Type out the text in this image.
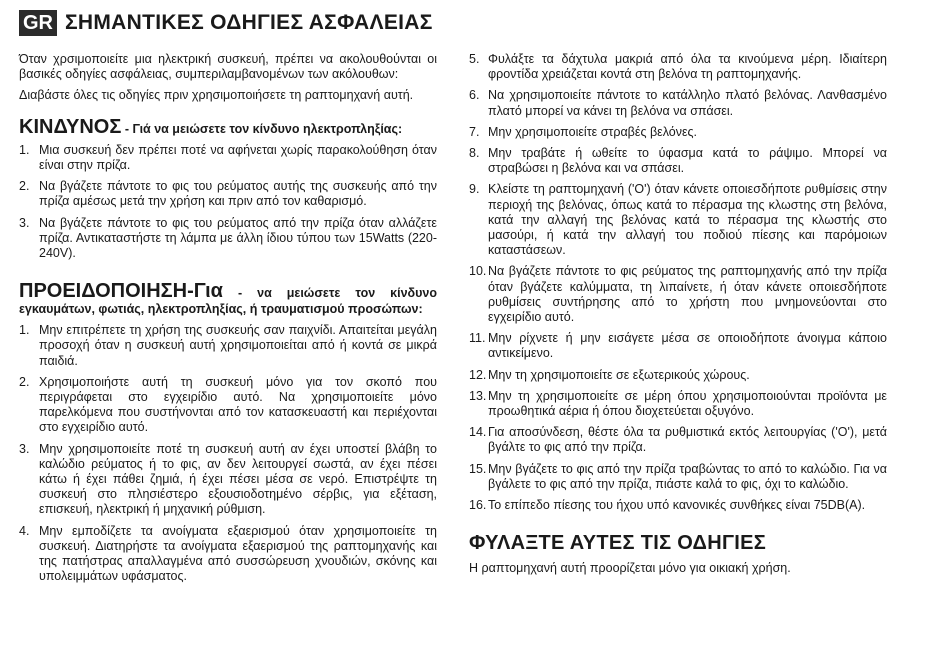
GR ΣΗΜΑΝΤΙΚΕΣ ΟΔΗΓΙΕΣ ΑΣΦΑΛΕΙΑΣ

Όταν χρσιμοποιείτε μια ηλεκτρική συσκευή, πρέπει να ακολουθούνται οι βασικές οδηγίες ασφάλειας, συμπεριλαμβανομένων των ακόλουθων:

Διαβάστε όλες τις οδηγίες πριν χρησιμοποιήσετε τη ραπτομηχανή αυτή.

ΚΙΝΔΥΝΟΣ - Γιά να μειώσετε τον κίνδυνο ηλεκτροπληξίας:
1. Μια συσκευή δεν πρέπει ποτέ να αφήνεται χωρίς παρακολούθηση όταν είναι στην πρίζα.
2. Να βγάζετε πάντοτε το φις του ρεύματος αυτής της συσκευής από την πρίζα αμέσως μετά την χρήση και πριν από τον καθαρισμό.
3. Να βγάζετε πάντοτε το φις του ρεύματος από την πρίζα όταν αλλάζετε πρίζα. Αντικαταστήστε τη λάμπα με άλλη ίδιου τύπου των 15Watts (220-240V).
ΠΡΟΕΙΔΟΠΟΙΗΣΗ-Για - να μειώσετε τον κίνδυνο εγκαυμάτων, φωτιάς, ηλεκτροπληξίας, ή τραυματισμού προσώπων:
1. Μην επιτρέπετε τη χρήση της συσκευής σαν παιχνίδι. Απαιτείται μεγάλη προσοχή όταν η συσκευή αυτή χρησιμοποιείται από ή κοντά σε μικρά παιδιά.
2. Χρησιμοποιήστε αυτή τη συσκευή μόνο για τον σκοπό που περιγράφεται στο εγχειρίδιο αυτό. Να χρησιμοποιείτε μόνο παρελκόμενα που συστήνονται από τον κατασκευαστή και περιέχονται στο εγχειρίδιο αυτό.
3. Μην χρησιμοποιείτε ποτέ τη συσκευή αυτή αν έχει υποστεί βλάβη το καλώδιο ρεύματος ή το φις, αν δεν λειτουργεί σωστά, αν έχει πέσει κάτω ή έχει πάθει ζημιά, ή έχει πέσει μέσα σε νερό. Επιστρέψτε τη συσκευή στο πλησιέστερο εξουσιοδοτημένο σέρβις, για εξέταση, επισκευή, ηλεκτρική ή μηχανική ρύθμιση.
4. Μην εμποδίζετε τα ανοίγματα εξαερισμού όταν χρησιμοποιείτε τη συσκευή. Διατηρήστε τα ανοίγματα εξαερισμού της ραπτομηχανής και της πατήστρας απαλλαγμένα από συσσώρευση χνουδιών, σκόνης και υπολειμμάτων υφάσματος.
5. Φυλάξτε τα δάχτυλα μακριά από όλα τα κινούμενα μέρη. Ιδιαίτερη φροντίδα χρειάζεται κοντά στη βελόνα τη ραπτομηχανής.
6. Να χρησιμοποιείτε πάντοτε το κατάλληλο πλατό βελόνας. Λανθασμένο πλατό μπορεί να κάνει τη βελόνα να σπάσει.
7. Μην χρησιμοποιείτε στραβές βελόνες.
8. Μην τραβάτε ή ωθείτε το ύφασμα κατά το ράψιμο. Μπορεί να στραβώσει η βελόνα και να σπάσει.
9. Κλείστε τη ραπτομηχανή ('Ο') όταν κάνετε οποιεσδήποτε ρυθμίσεις στην περιοχή της βελόνας, όπως κατά το πέρασμα της κλωστης στη βελόνα, κατά την αλλαγή της βελόνας κατά το πέρασμα της κλωστής στο μασούρι, ή κατά την αλλαγή του ποδιού πίεσης και παρόμοιων καταστάσεων.
10. Να βγάζετε πάντοτε το φις ρεύματος της ραπτομηχανής από την πρίζα όταν βγάζετε καλύμματα, τη λιπαίνετε, ή όταν κάνετε οποιεσδήποτε ρυθμίσεις συντήρησης από το χρήστη που μνημονεύονται στο εγχειρίδιο αυτό.
11. Μην ρίχνετε ή μην εισάγετε μέσα σε οποιοδήποτε άνοιγμα κάποιο αντικείμενο.
12. Μην τη χρησιμοποιείτε σε εξωτερικούς χώρους.
13. Μην τη χρησιμοποιείτε σε μέρη όπου χρησιμοποιούνται προϊόντα με προωθητικά αέρια ή όπου διοχετεύεται οξυγόνο.
14. Για αποσύνδεση, θέστε όλα τα ρυθμιστικά εκτός λειτουργίας ('Ο'), μετά βγάλτε το φις από την πρίζα.
15. Μην βγάζετε το φις από την πρίζα τραβώντας το από το καλώδιο. Για να βγάλετε το φις από την πρίζα, πιάστε καλά το φις, όχι το καλώδιο.
16. Το επίπεδο πίεσης του ήχου υπό κανονικές συνθήκες είναι 75DB(A).
ΦΥΛΑΞΤΕ ΑΥΤΕΣ ΤΙΣ ΟΔΗΓΙΕΣ

Η ραπτομηχανή αυτή προορίζεται μόνο για οικιακή χρήση.
